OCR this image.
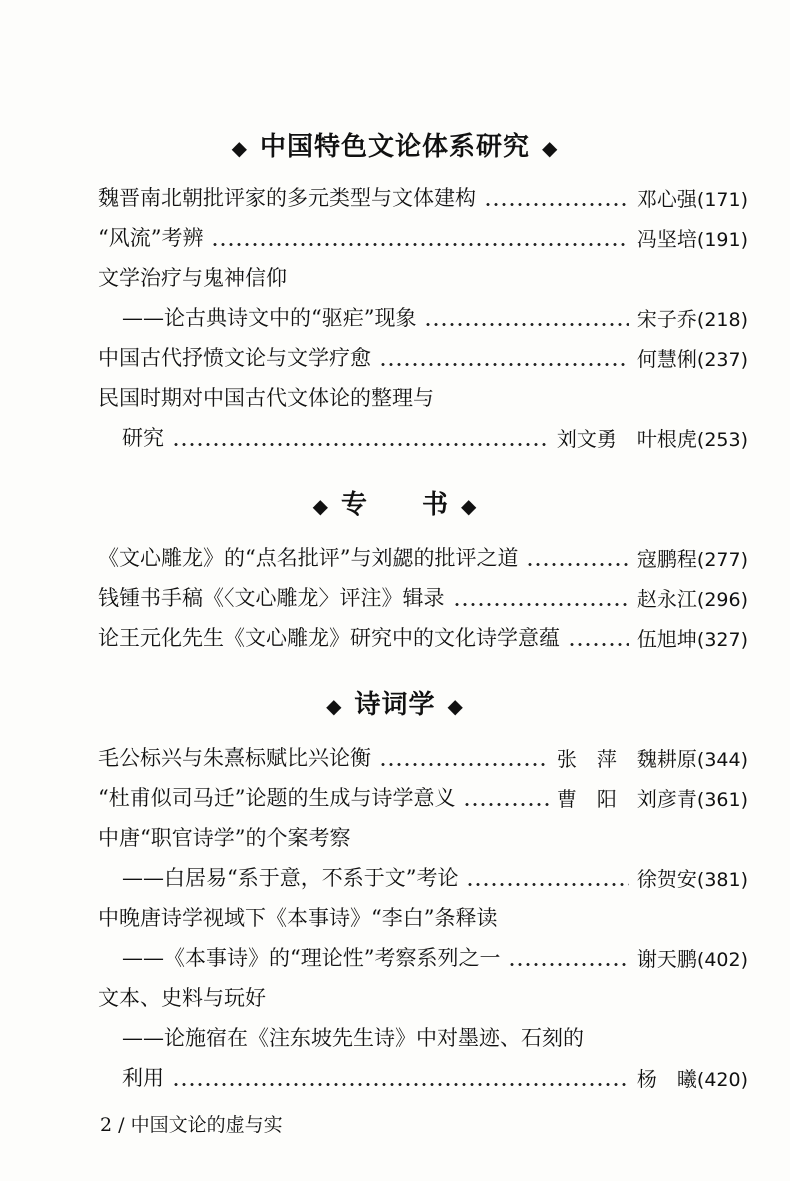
◆ 中国特色文论体系研究 ◆
魏晋南北朝批评家的多元类型与文体建构	邓心强(171)
“风流”考辨	冯坚培(191)
文学治疗与鬼神信仰
——论古典诗文中的“驱疟”现象	宋子乔(218)
中国古代抒愤文论与文学疗愈	何慧俐(237)
民国时期对中国古代文体论的整理与
研究	刘文勇　叶根虎(253)
◆ 专　　书 ◆
《文心雕龙》的“点名批评”与刘勰的批评之道	寇鹏程(277)
钱锺书手稿《〈文心雕龙〉评注》辑录	赵永江(296)
论王元化先生《文心雕龙》研究中的文化诗学意蕴	伍旭坤(327)
◆ 诗词学 ◆
毛公标兴与朱熹标赋比兴论衡	张　萍　魏耕原(344)
“杜甫似司马迁”论题的生成与诗学意义	曹　阳　刘彦青(361)
中唐“职官诗学”的个案考察
——白居易“系于意，不系于文”考论	徐贺安(381)
中晚唐诗学视域下《本事诗》“李白”条释读
——《本事诗》的“理论性”考察系列之一	谢天鹏(402)
文本、史料与玩好
——论施宿在《注东坡先生诗》中对墨迹、石刻的
利用	杨　曦(420)
2 / 中国文论的虚与实
